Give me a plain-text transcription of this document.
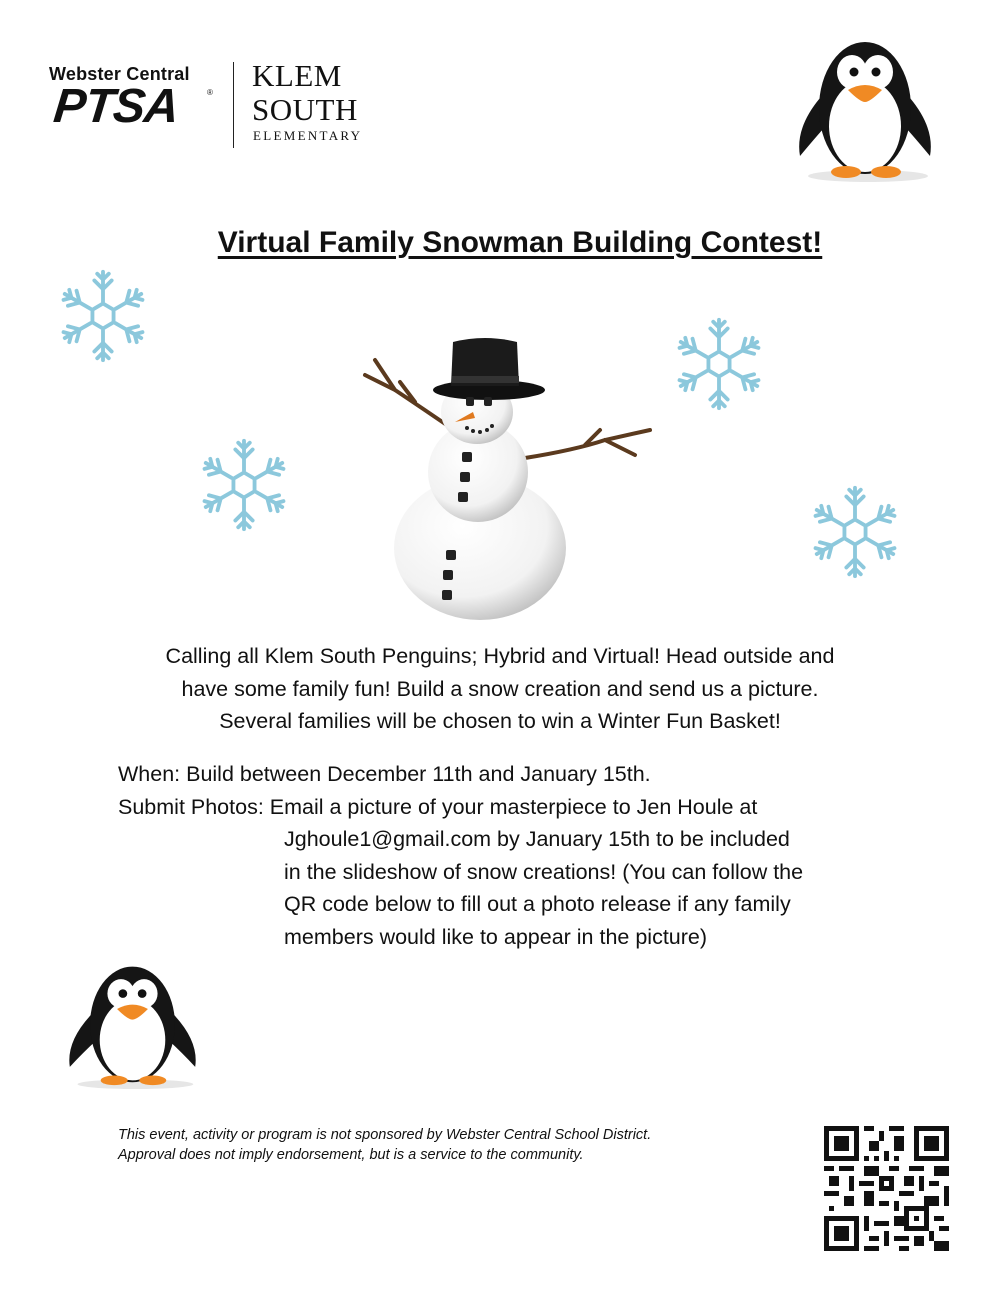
Webster Central
PTSA	® KLEM
SOUTH
ELEMENTARY
Virtual Family Snowman Building Contest!
Calling all Klem South Penguins; Hybrid and Virtual! Head outside and
have some family fun! Build a snow creation and send us a picture.
Several families will be chosen to win a Winter Fun Basket!
When: Build between December 11th and January 15th.
Submit Photos: Email a picture of your masterpiece to Jen Houle at
Jghoule1@gmail.com by January 15th to be included
in the slideshow of snow creations! (You can follow the
QR code below to fill out a photo release if any family
members would like to appear in the picture)
This event, activity or program is not sponsored by Webster Central School District.
Approval does not imply endorsement, but is a service to the community.
